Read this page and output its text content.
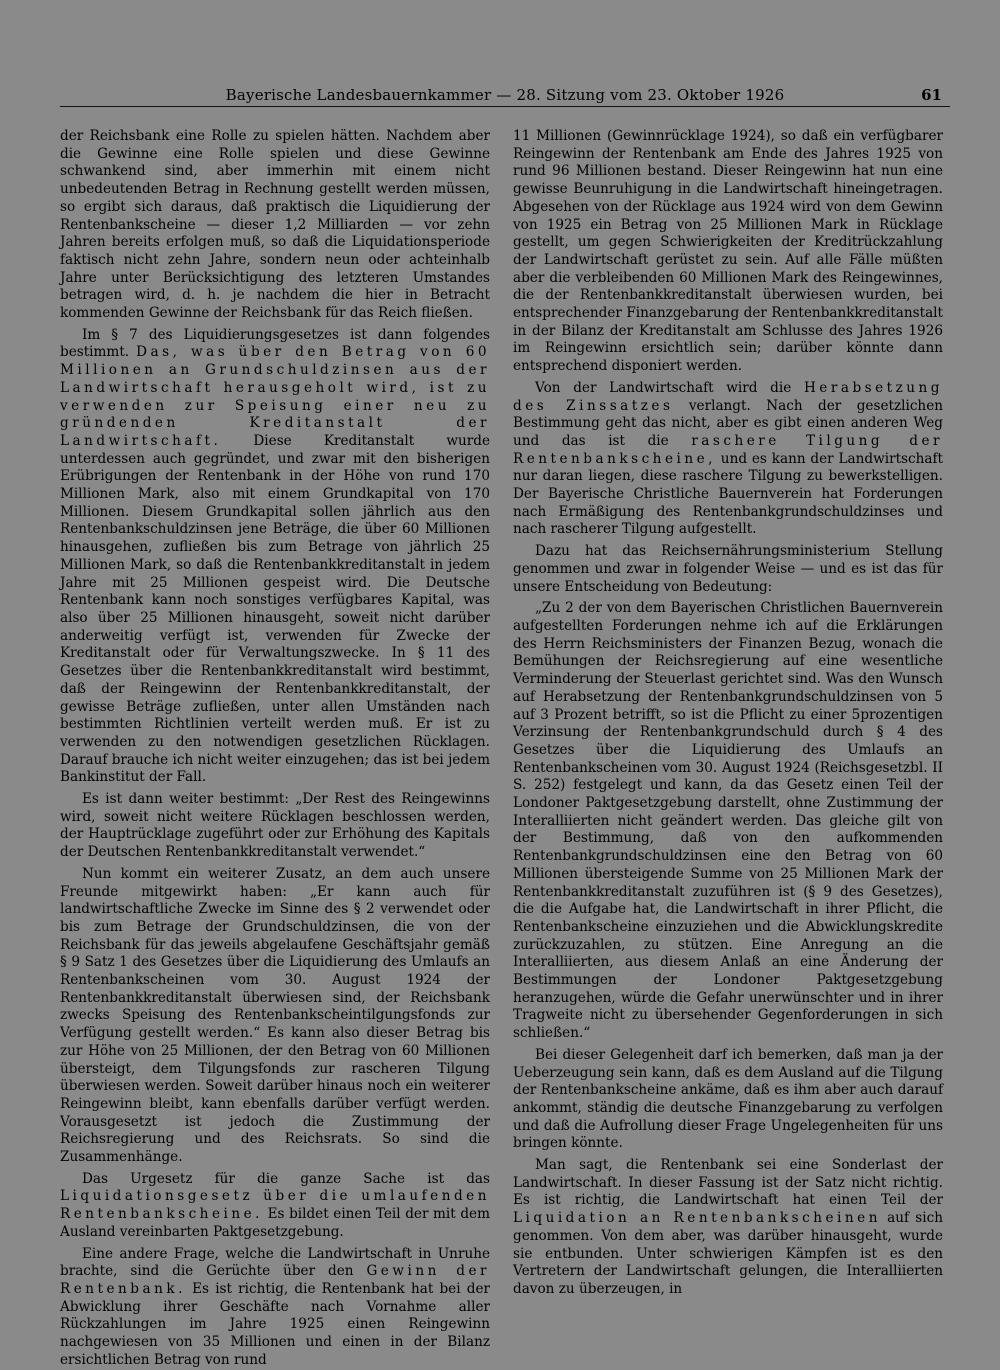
Bayerische Landesbauernkammer — 28. Sitzung vom 23. Oktober 1926	61

der Reichsbank eine Rolle zu spielen hätten. Nachdem aber die Gewinne eine Rolle spielen und diese Gewinne schwankend sind, aber immerhin mit einem nicht unbedeutenden Betrag in Rechnung gestellt werden müssen, so ergibt sich daraus, daß praktisch die Liquidierung der Rentenbankscheine — dieser 1,2 Milliarden — vor zehn Jahren bereits erfolgen muß, so daß die Liquidationsperiode faktisch nicht zehn Jahre, sondern neun oder achteinhalb Jahre unter Berücksichtigung des letzteren Umstandes betragen wird, d. h. je nachdem die hier in Betracht kommenden Gewinne der Reichsbank für das Reich fließen.

Im § 7 des Liquidierungsgesetzes ist dann folgendes bestimmt. Das, was über den Betrag von 60 Millionen an Grundschuldzinsen aus der Landwirtschaft herausgeholt wird, ist zu verwenden zur Speisung einer neu zu gründenden Kreditanstalt der Landwirtschaft. Diese Kreditanstalt wurde unterdessen auch gegründet, und zwar mit den bisherigen Erübrigungen der Rentenbank in der Höhe von rund 170 Millionen Mark, also mit einem Grundkapital von 170 Millionen. Diesem Grundkapital sollen jährlich aus den Rentenbankschuldzinsen jene Beträge, die über 60 Millionen hinausgehen, zufließen bis zum Betrage von jährlich 25 Millionen Mark, so daß die Rentenbankkreditanstalt in jedem Jahre mit 25 Millionen gespeist wird. Die Deutsche Rentenbank kann noch sonstiges verfügbares Kapital, was also über 25 Millionen hinausgeht, soweit nicht darüber anderweitig verfügt ist, verwenden für Zwecke der Kreditanstalt oder für Verwaltungszwecke. In § 11 des Gesetzes über die Rentenbankkreditanstalt wird bestimmt, daß der Reingewinn der Rentenbankkreditanstalt, der gewisse Beträge zufließen, unter allen Umständen nach bestimmten Richtlinien verteilt werden muß. Er ist zu verwenden zu den notwendigen gesetzlichen Rücklagen. Darauf brauche ich nicht weiter einzugehen; das ist bei jedem Bankinstitut der Fall.

Es ist dann weiter bestimmt: „Der Rest des Reingewinns wird, soweit nicht weitere Rücklagen beschlossen werden, der Hauptrücklage zugeführt oder zur Erhöhung des Kapitals der Deutschen Rentenbankkreditanstalt verwendet.“

Nun kommt ein weiterer Zusatz, an dem auch unsere Freunde mitgewirkt haben: „Er kann auch für landwirtschaftliche Zwecke im Sinne des § 2 verwendet oder bis zum Betrage der Grundschuldzinsen, die von der Reichsbank für das jeweils abgelaufene Geschäftsjahr gemäß § 9 Satz 1 des Gesetzes über die Liquidierung des Umlaufs an Rentenbankscheinen vom 30. August 1924 der Rentenbankkreditanstalt überwiesen sind, der Reichsbank zwecks Speisung des Rentenbankscheintilgungsfonds zur Verfügung gestellt werden.“ Es kann also dieser Betrag bis zur Höhe von 25 Millionen, der den Betrag von 60 Millionen übersteigt, dem Tilgungsfonds zur rascheren Tilgung überwiesen werden. Soweit darüber hinaus noch ein weiterer Reingewinn bleibt, kann ebenfalls darüber verfügt werden. Vorausgesetzt ist jedoch die Zustimmung der Reichsregierung und des Reichsrats. So sind die Zusammenhänge.

Das Urgesetz für die ganze Sache ist das Liquidationsgesetz über die umlaufenden Rentenbankscheine. Es bildet einen Teil der mit dem Ausland vereinbarten Paktgesetzgebung.

Eine andere Frage, welche die Landwirtschaft in Unruhe brachte, sind die Gerüchte über den Gewinn der Rentenbank. Es ist richtig, die Rentenbank hat bei der Abwicklung ihrer Geschäfte nach Vornahme aller Rückzahlungen im Jahre 1925 einen Reingewinn nachgewiesen von 35 Millionen und einen in der Bilanz ersichtlichen Betrag von rund

11 Millionen (Gewinnrücklage 1924), so daß ein verfügbarer Reingewinn der Rentenbank am Ende des Jahres 1925 von rund 96 Millionen bestand. Dieser Reingewinn hat nun eine gewisse Beunruhigung in die Landwirtschaft hineingetragen. Abgesehen von der Rücklage aus 1924 wird von dem Gewinn von 1925 ein Betrag von 25 Millionen Mark in Rücklage gestellt, um gegen Schwierigkeiten der Kreditrückzahlung der Landwirtschaft gerüstet zu sein. Auf alle Fälle müßten aber die verbleibenden 60 Millionen Mark des Reingewinnes, die der Rentenbankkreditanstalt überwiesen wurden, bei entsprechender Finanzgebarung der Rentenbankkreditanstalt in der Bilanz der Kreditanstalt am Schlusse des Jahres 1926 im Reingewinn ersichtlich sein; darüber könnte dann entsprechend disponiert werden.

Von der Landwirtschaft wird die Herabsetzung des Zinssatzes verlangt. Nach der gesetzlichen Bestimmung geht das nicht, aber es gibt einen anderen Weg und das ist die raschere Tilgung der Rentenbankscheine, und es kann der Landwirtschaft nur daran liegen, diese raschere Tilgung zu bewerkstelligen. Der Bayerische Christliche Bauernverein hat Forderungen nach Ermäßigung des Rentenbankgrundschuldzinses und nach rascherer Tilgung aufgestellt.

Dazu hat das Reichsernährungsministerium Stellung genommen und zwar in folgender Weise — und es ist das für unsere Entscheidung von Bedeutung:

„Zu 2 der von dem Bayerischen Christlichen Bauernverein aufgestellten Forderungen nehme ich auf die Erklärungen des Herrn Reichsministers der Finanzen Bezug, wonach die Bemühungen der Reichsregierung auf eine wesentliche Verminderung der Steuerlast gerichtet sind. Was den Wunsch auf Herabsetzung der Rentenbankgrundschuldzinsen von 5 auf 3 Prozent betrifft, so ist die Pflicht zu einer 5prozentigen Verzinsung der Rentenbankgrundschuld durch § 4 des Gesetzes über die Liquidierung des Umlaufs an Rentenbankscheinen vom 30. August 1924 (Reichsgesetzbl. II S. 252) festgelegt und kann, da das Gesetz einen Teil der Londoner Paktgesetzgebung darstellt, ohne Zustimmung der Interalliierten nicht geändert werden. Das gleiche gilt von der Bestimmung, daß von den aufkommenden Rentenbankgrundschuldzinsen eine den Betrag von 60 Millionen übersteigende Summe von 25 Millionen Mark der Rentenbankkreditanstalt zuzuführen ist (§ 9 des Gesetzes), die die Aufgabe hat, die Landwirtschaft in ihrer Pflicht, die Rentenbankscheine einzuziehen und die Abwicklungskredite zurückzuzahlen, zu stützen. Eine Anregung an die Interalliierten, aus diesem Anlaß an eine Änderung der Bestimmungen der Londoner Paktgesetzgebung heranzugehen, würde die Gefahr unerwünschter und in ihrer Tragweite nicht zu übersehender Gegenforderungen in sich schließen.“

Bei dieser Gelegenheit darf ich bemerken, daß man ja der Ueberzeugung sein kann, daß es dem Ausland auf die Tilgung der Rentenbankscheine ankäme, daß es ihm aber auch darauf ankommt, ständig die deutsche Finanzgebarung zu verfolgen und daß die Aufrollung dieser Frage Ungelegenheiten für uns bringen könnte.

Man sagt, die Rentenbank sei eine Sonderlast der Landwirtschaft. In dieser Fassung ist der Satz nicht richtig. Es ist richtig, die Landwirtschaft hat einen Teil der Liquidation an Rentenbankscheinen auf sich genommen. Von dem aber, was darüber hinausgeht, wurde sie entbunden. Unter schwierigen Kämpfen ist es den Vertretern der Landwirtschaft gelungen, die Interalliierten davon zu überzeugen, in
